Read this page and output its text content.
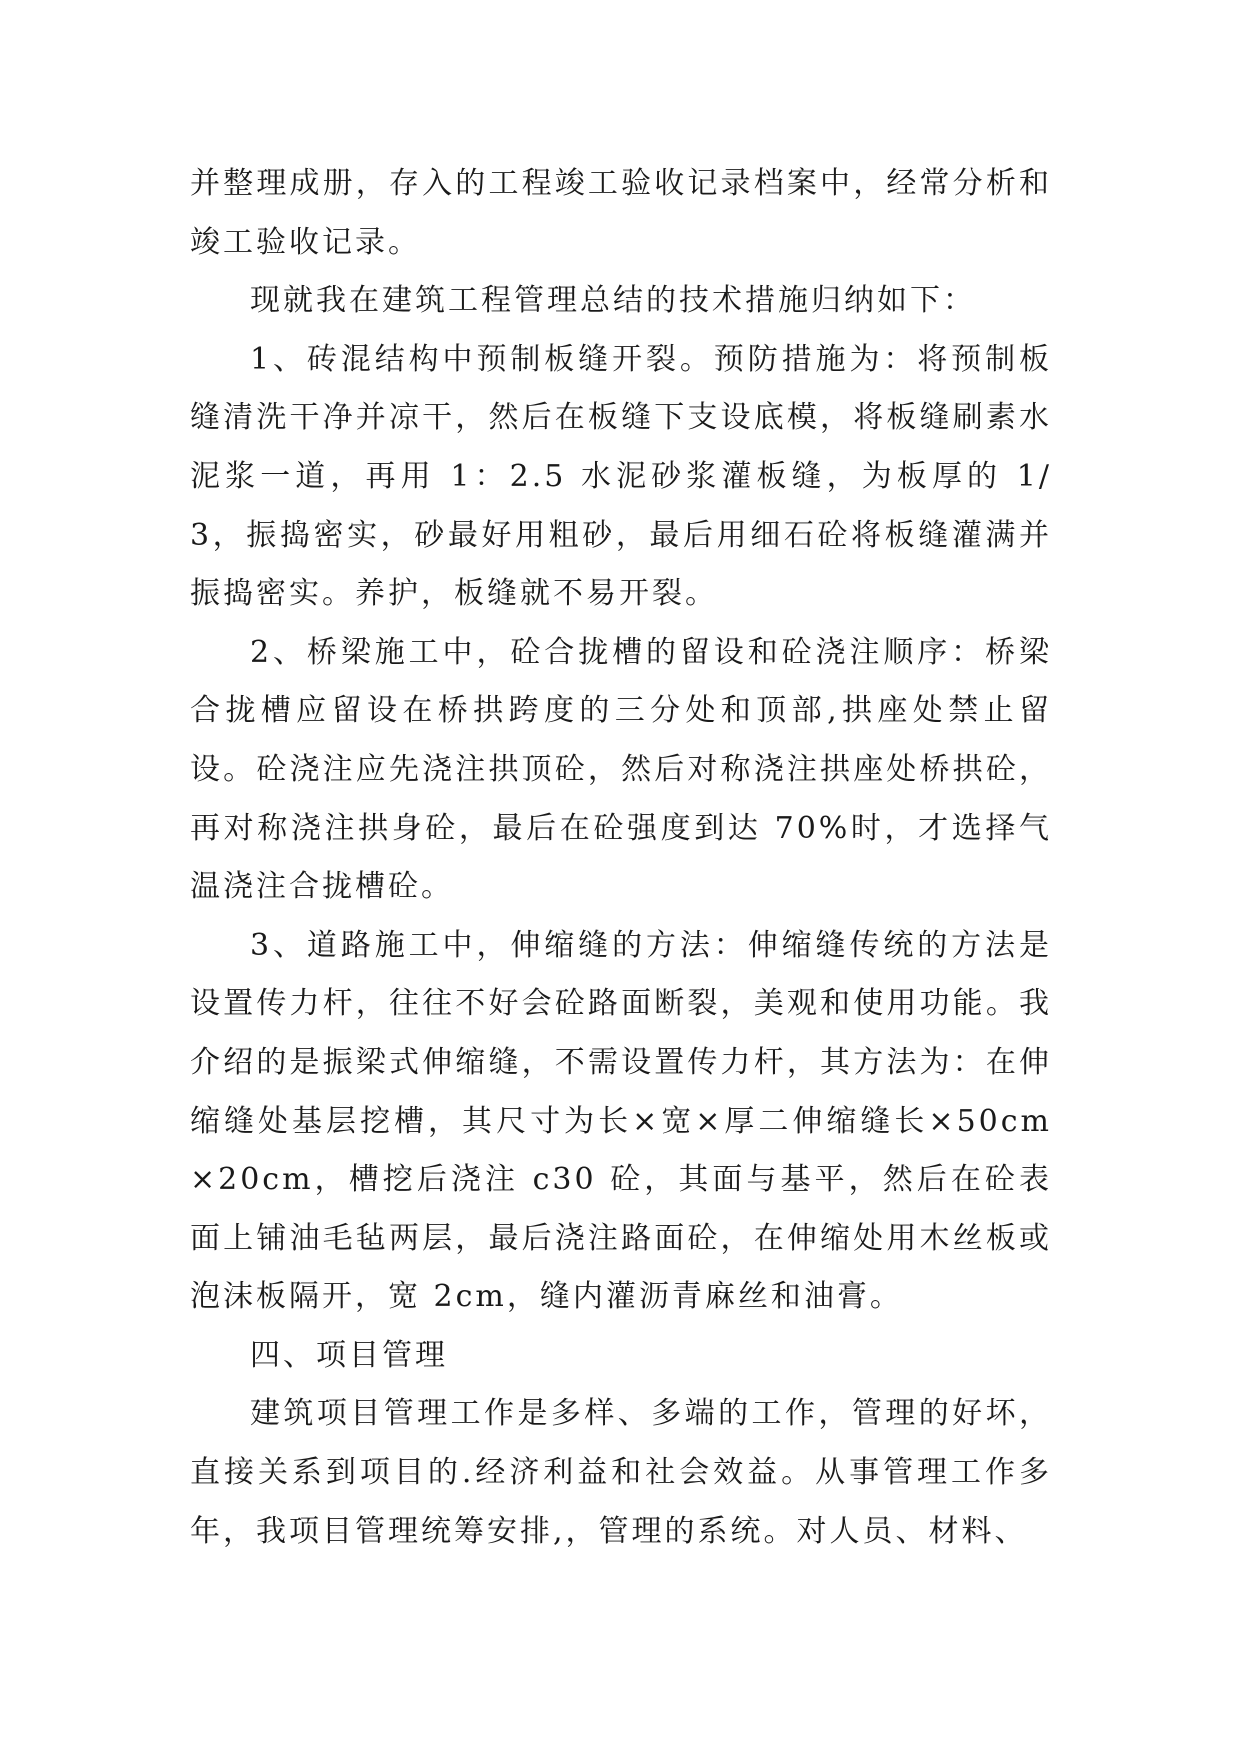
并整理成册，存入的工程竣工验收记录档案中，经常分析和竣工验收记录。

现就我在建筑工程管理总结的技术措施归纳如下：

1、砖混结构中预制板缝开裂。预防措施为：将预制板缝清洗干净并凉干，然后在板缝下支设底模，将板缝刷素水泥浆一道，再用 1：2.5 水泥砂浆灌板缝，为板厚的 1/3，振捣密实，砂最好用粗砂，最后用细石砼将板缝灌满并振捣密实。养护，板缝就不易开裂。

2、桥梁施工中，砼合拢槽的留设和砼浇注顺序：桥梁合拢槽应留设在桥拱跨度的三分处和顶部,拱座处禁止留设。砼浇注应先浇注拱顶砼，然后对称浇注拱座处桥拱砼，再对称浇注拱身砼，最后在砼强度到达 70%时，才选择气温浇注合拢槽砼。

3、道路施工中，伸缩缝的方法：伸缩缝传统的方法是设置传力杆，往往不好会砼路面断裂，美观和使用功能。我介绍的是振梁式伸缩缝，不需设置传力杆，其方法为：在伸缩缝处基层挖槽，其尺寸为长×宽×厚二伸缩缝长×50cm×20cm，槽挖后浇注 c30 砼，其面与基平，然后在砼表面上铺油毛毡两层，最后浇注路面砼，在伸缩处用木丝板或泡沫板隔开，宽 2cm，缝内灌沥青麻丝和油膏。

四、项目管理

建筑项目管理工作是多样、多端的工作，管理的好坏，直接关系到项目的.经济利益和社会效益。从事管理工作多年，我项目管理统筹安排,，管理的系统。对人员、材料、
